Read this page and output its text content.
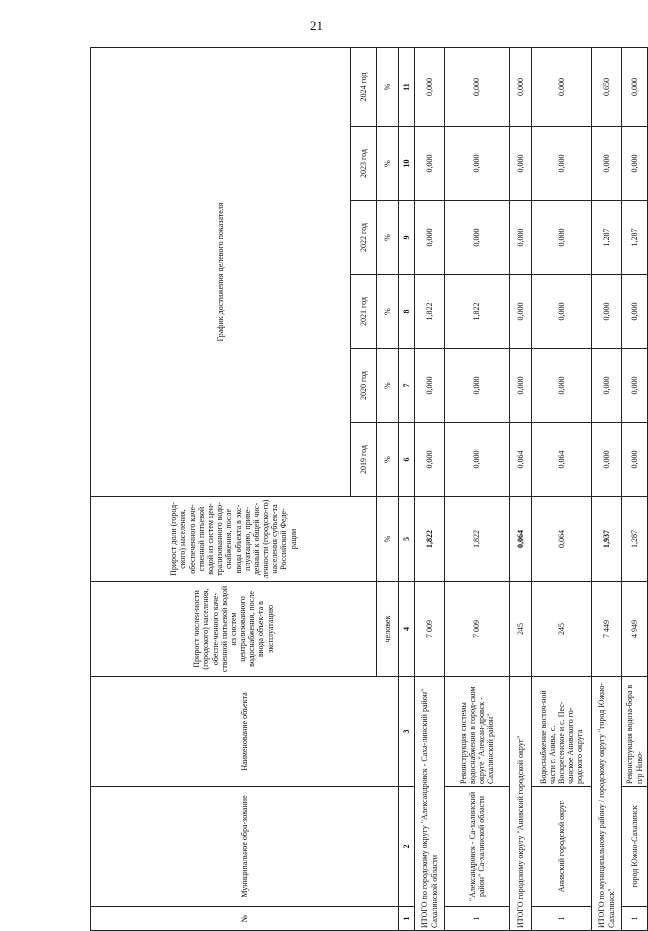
21
№	Муниципальное обра-зование	Наименование объекта	Прирост числен-ности (городского) населения, обеспе-ченного каче-ственной питьевой водой из систем централизованного водоснабжения, после ввода объек-та в эксплуатацию	Прирост доли (город-ского) населения, обеспеченного каче-ственной питьевой водой из систем цен-трализованного водо-снабжения, после ввода объекта в экс-плуатацию, приве-денный к общей чис-ленности (городско-го) населения субъек-та Российской Феде-рации	График достижения целевого показателя					
					2019 год	2020 год	2021 год	2022 год	2023 год	2024 год
			человек	%	%	%	%	%	%	%
1	2	3	4	5	6	7	8	9	10	11
ИТОГО по городскому округу "Александровск - Саха-линский район" Сахалинской области			7 009	1,822	0,000	0,000	1,822	0,000	0,000	0,000
1	"Александровск - Са-халинский район" Са-халинской области	Реконструкция системы водоснабжения в город-ском округе "Алексан-дровск - Сахалинский район"	7 009	1,822	0,000	0,000	1,822	0,000	0,000	0,000
ИТОГО городскому округу "Анивский городской округ"			245	0,064	0,064	0,000	0,000	0,000	0,000	0,000
1	Анивский городской округ	Водоснабжение восточ-ной части г. Анива, с. Воскресенское и с. Пес-чанское Анивского го-родского округа	245	0,064	0,064	0,000	0,000	0,000	0,000	0,000
ИТОГО по муниципальному району / городскому округу "город Южно-Сахалинск"			7 449	1,937	0,000	0,000	0,000	1,287	0,000	0,650
1	город Южно-Сахалинск	Реконструкция водоза-бора в п/р Ново-	4 949	1,287	0,000	0,000	0,000	1,287	0,000	0,000
